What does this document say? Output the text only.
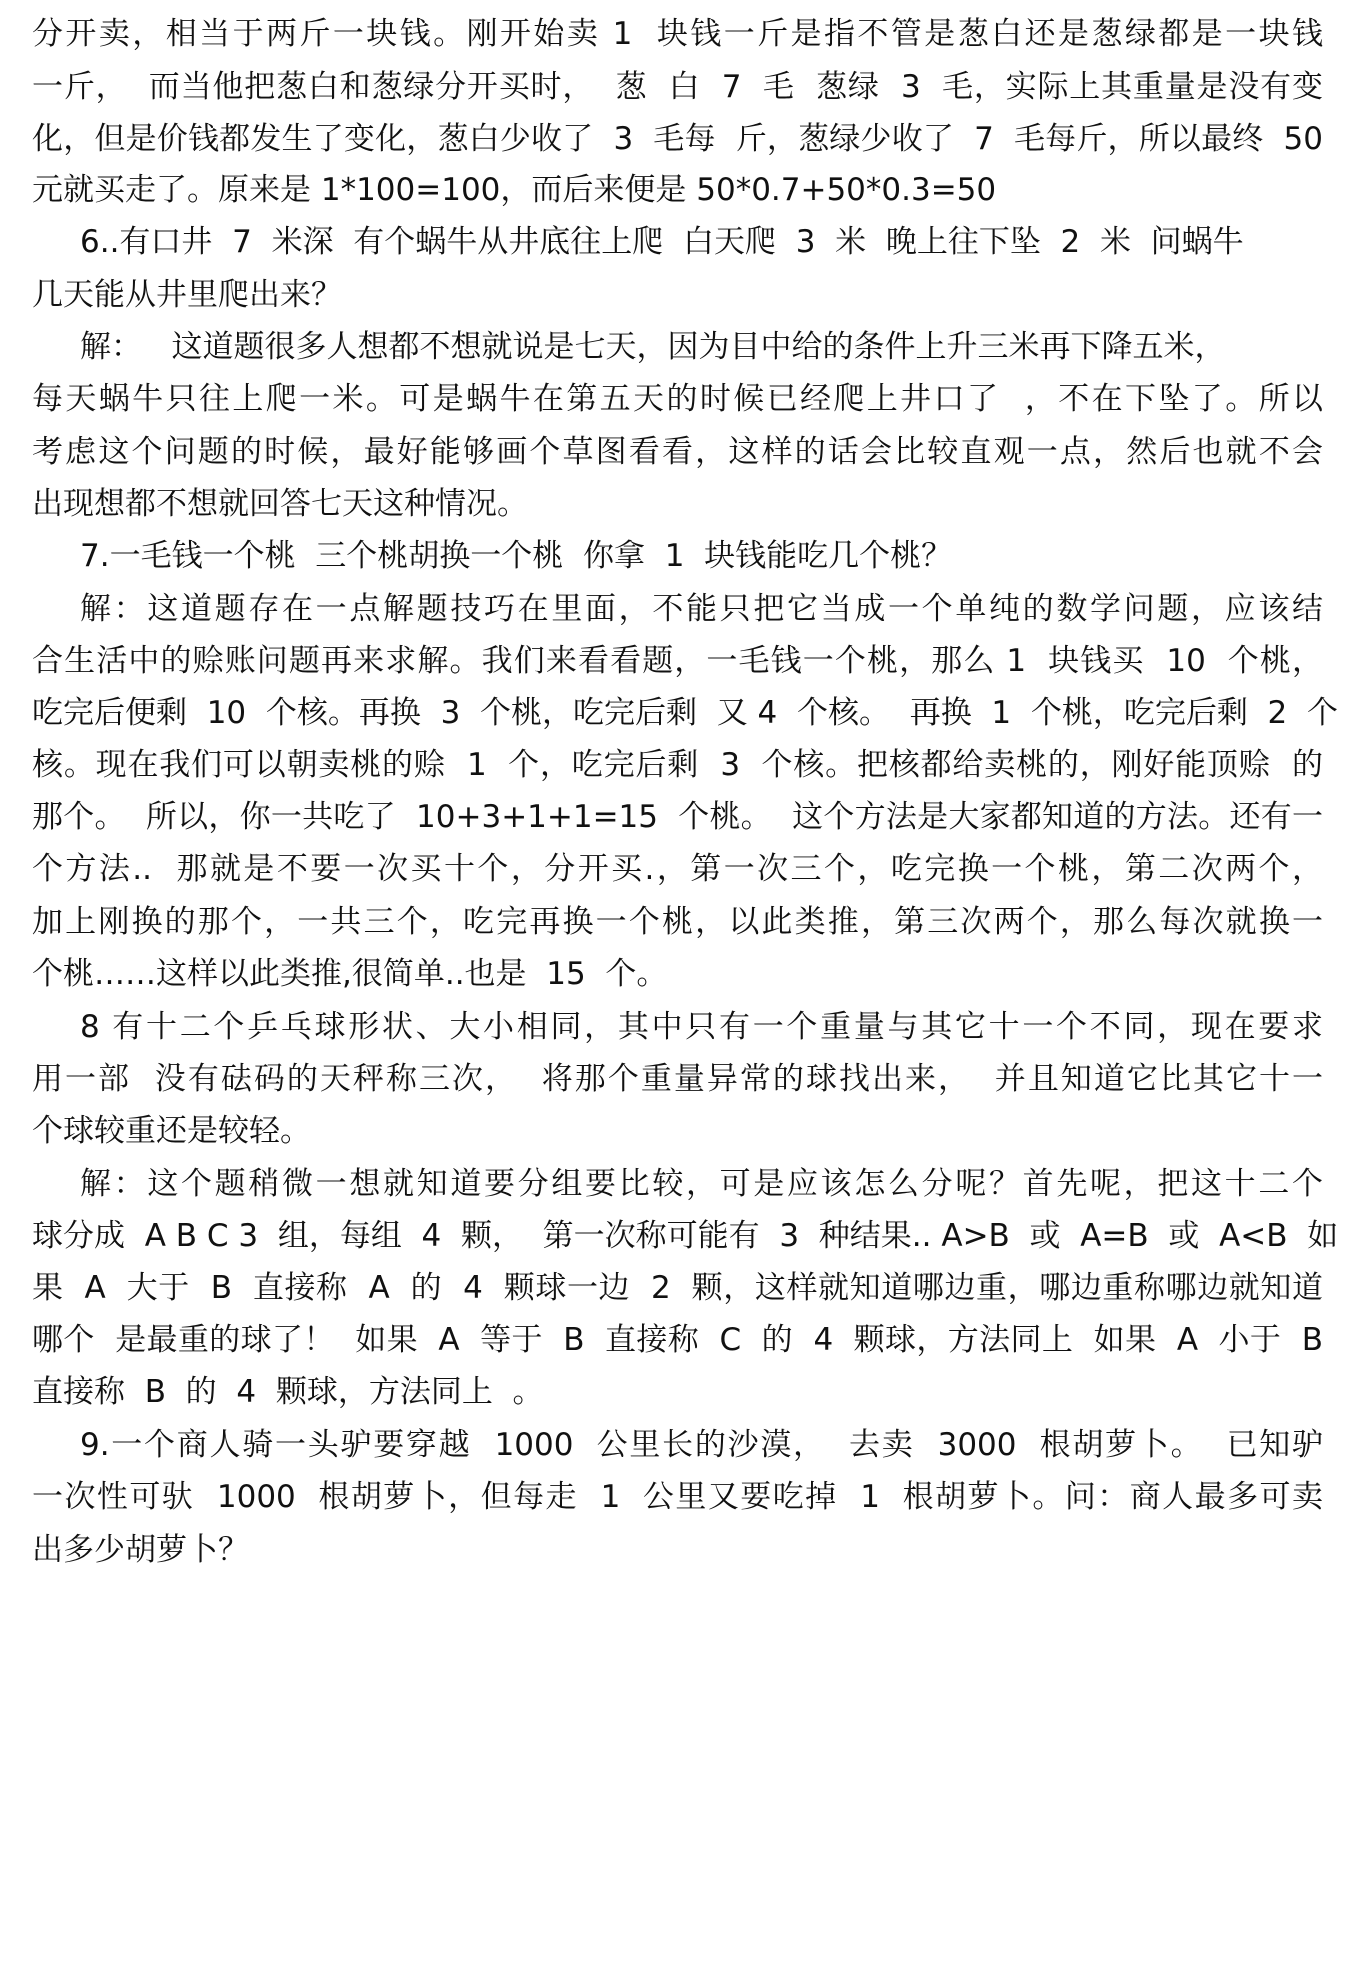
分开卖，相当于两斤一块钱。刚开始卖 1  块钱一斤是指不管是葱白还是葱绿都是一块钱
一斤，  而当他把葱白和葱绿分开买时，  葱  白  7  毛  葱绿  3  毛，实际上其重量是没有变
化，但是价钱都发生了变化，葱白少收了  3  毛每  斤，葱绿少收了  7  毛每斤，所以最终  50
元就买走了。原来是 1*100=100，而后来便是 50*0.7+50*0.3=50
6..有口井  7  米深  有个蜗牛从井底往上爬  白天爬  3  米  晚上往下坠  2  米  问蜗牛
几天能从井里爬出来？
解：   这道题很多人想都不想就说是七天，因为目中给的条件上升三米再下降五米，
每天蜗牛只往上爬一米。可是蜗牛在第五天的时候已经爬上井口了  ，不在下坠了。所以
考虑这个问题的时候，最好能够画个草图看看，这样的话会比较直观一点，然后也就不会
出现想都不想就回答七天这种情况。
7.一毛钱一个桃  三个桃胡换一个桃  你拿  1  块钱能吃几个桃？
解：这道题存在一点解题技巧在里面，不能只把它当成一个单纯的数学问题，应该结
合生活中的赊账问题再来求解。我们来看看题，一毛钱一个桃，那么 1  块钱买  10  个桃，
吃完后便剩  10  个核。再换  3  个桃，吃完后剩  又 4  个核。  再换  1  个桃，吃完后剩  2  个
核。现在我们可以朝卖桃的赊  1  个，吃完后剩  3  个核。把核都给卖桃的，刚好能顶赊  的
那个。  所以，你一共吃了  10+3+1+1=15  个桃。  这个方法是大家都知道的方法。还有一
个方法..  那就是不要一次买十个，分开买.，第一次三个，吃完换一个桃，第二次两个，
加上刚换的那个，一共三个，吃完再换一个桃，以此类推，第三次两个，那么每次就换一
个桃……这样以此类推,很简单..也是  15  个。
8 有十二个乒乓球形状、大小相同，其中只有一个重量与其它十一个不同，现在要求
用一部  没有砝码的天秤称三次，  将那个重量异常的球找出来，  并且知道它比其它十一
个球较重还是较轻。
解：这个题稍微一想就知道要分组要比较，可是应该怎么分呢？首先呢，把这十二个
球分成  A B C 3  组，每组  4  颗，  第一次称可能有  3  种结果.. A>B  或  A=B  或  A<B  如
果  A  大于  B  直接称  A  的  4  颗球一边  2  颗，这样就知道哪边重，哪边重称哪边就知道
哪个  是最重的球了！  如果  A  等于  B  直接称  C  的  4  颗球，方法同上  如果  A  小于  B
直接称  B  的  4  颗球，方法同上  。
9.一个商人骑一头驴要穿越  1000  公里长的沙漠，  去卖  3000  根胡萝卜。  已知驴
一次性可驮  1000  根胡萝卜，但每走  1  公里又要吃掉  1  根胡萝卜。问：商人最多可卖
出多少胡萝卜？
